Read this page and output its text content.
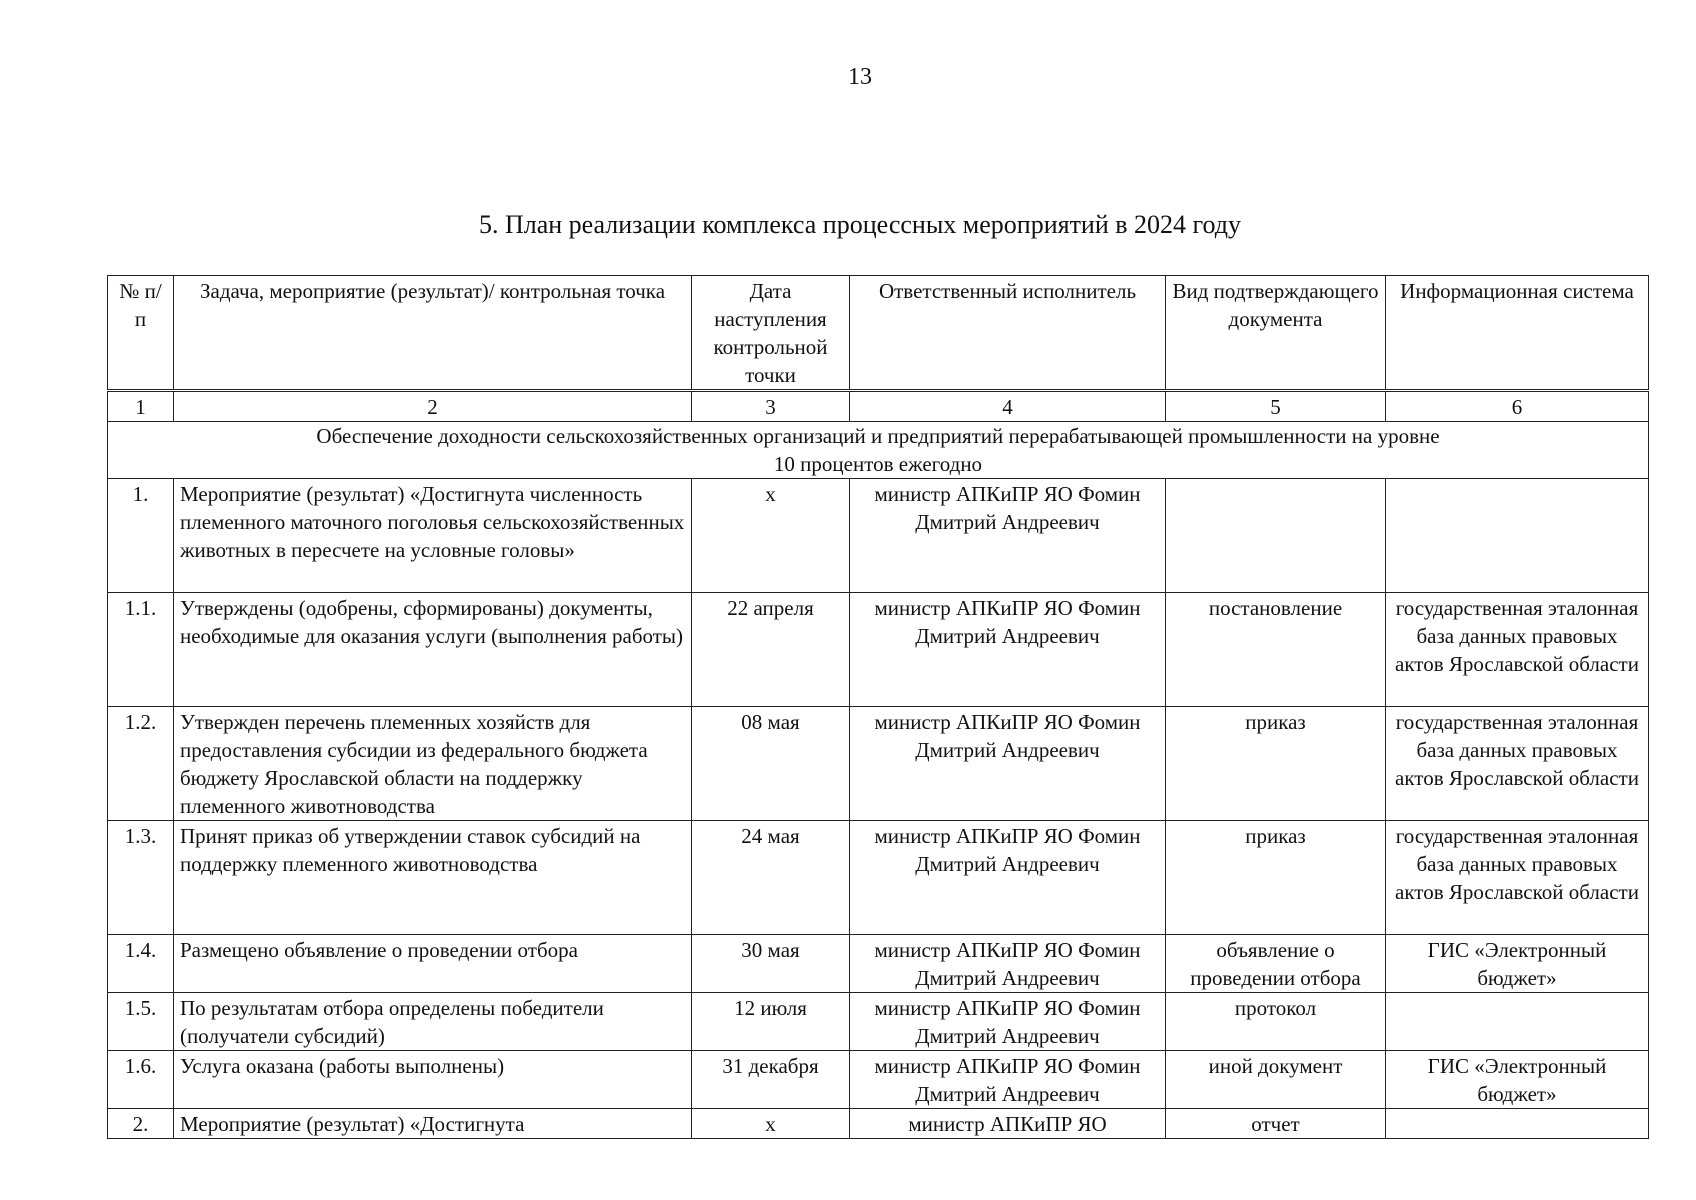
13
5. План реализации комплекса процессных мероприятий в 2024 году
№ п/п	Задача, мероприятие (результат)/ контрольная точка	Дата наступления контрольной точки	Ответственный исполнитель	Вид подтверждающего документа	Информационная система
1	2	3	4	5	6
Обеспечение доходности сельскохозяйственных организаций и предприятий перерабатывающей промышленности на уровне 10 процентов ежегодно					
1.	Мероприятие (результат) «Достигнута численность племенного маточного поголовья сельскохозяйственных животных в пересчете на условные головы»	х	министр АПКиПР ЯО Фомин Дмитрий Андреевич		
1.1.	Утверждены (одобрены, сформированы) документы, необходимые для оказания услуги (выполнения работы)	22 апреля	министр АПКиПР ЯО Фомин Дмитрий Андреевич	постановление	государственная эталонная база данных правовых актов Ярославской области
1.2.	Утвержден перечень племенных хозяйств для предоставления субсидии из федерального бюджета бюджету Ярославской области на поддержку племенного животноводства	08 мая	министр АПКиПР ЯО Фомин Дмитрий Андреевич	приказ	государственная эталонная база данных правовых актов Ярославской области
1.3.	Принят приказ об утверждении ставок субсидий на поддержку племенного животноводства	24 мая	министр АПКиПР ЯО Фомин Дмитрий Андреевич	приказ	государственная эталонная база данных правовых актов Ярославской области
1.4.	Размещено объявление о проведении отбора	30 мая	министр АПКиПР ЯО Фомин Дмитрий Андреевич	объявление о проведении отбора	ГИС «Электронный бюджет»
1.5.	По результатам отбора определены победители (получатели субсидий)	12 июля	министр АПКиПР ЯО Фомин Дмитрий Андреевич	протокол	
1.6.	Услуга оказана (работы выполнены)	31 декабря	министр АПКиПР ЯО Фомин Дмитрий Андреевич	иной документ	ГИС «Электронный бюджет»
2.	Мероприятие (результат) «Достигнута	х	министр АПКиПР ЯО	отчет	
